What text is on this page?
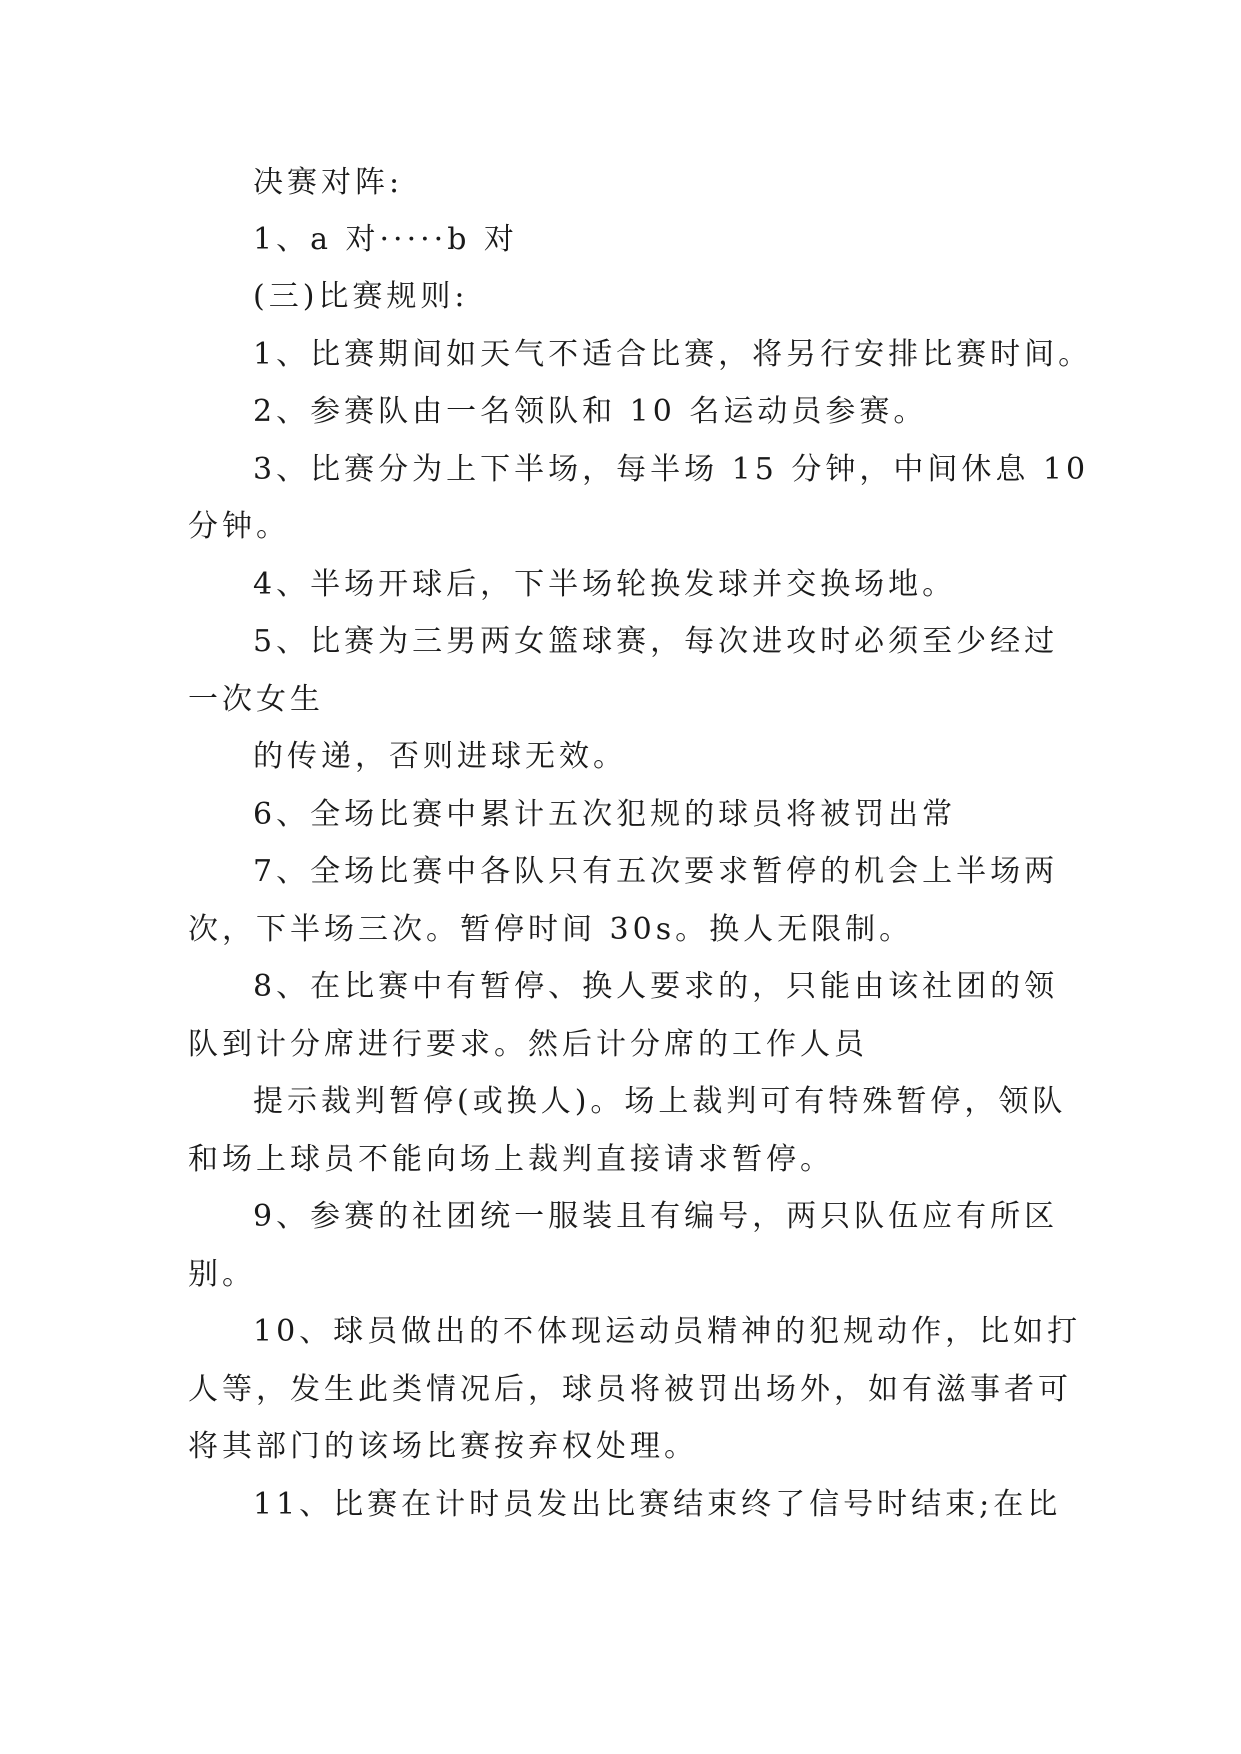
决赛对阵:
1、a 对·····b 对
(三)比赛规则:
1、比赛期间如天气不适合比赛，将另行安排比赛时间。
2、参赛队由一名领队和 10 名运动员参赛。
3、比赛分为上下半场，每半场 15 分钟，中间休息 10
分钟。
4、半场开球后，下半场轮换发球并交换场地。
5、比赛为三男两女篮球赛，每次进攻时必须至少经过
一次女生
的传递，否则进球无效。
6、全场比赛中累计五次犯规的球员将被罚出常
7、全场比赛中各队只有五次要求暂停的机会上半场两
次，下半场三次。暂停时间 30s。换人无限制。
8、在比赛中有暂停、换人要求的，只能由该社团的领
队到计分席进行要求。然后计分席的工作人员
提示裁判暂停(或换人)。场上裁判可有特殊暂停，领队
和场上球员不能向场上裁判直接请求暂停。
9、参赛的社团统一服装且有编号，两只队伍应有所区
别。
10、球员做出的不体现运动员精神的犯规动作，比如打
人等，发生此类情况后，球员将被罚出场外，如有滋事者可
将其部门的该场比赛按弃权处理。
11、比赛在计时员发出比赛结束终了信号时结束;在比
